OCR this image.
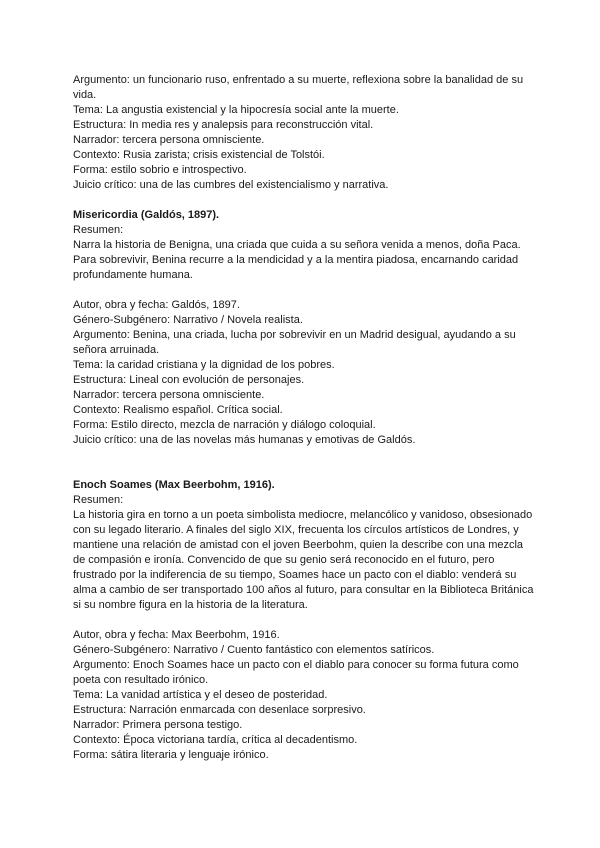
Argumento: un funcionario ruso, enfrentado a su muerte, reflexiona sobre la banalidad de su vida.
Tema: La angustia existencial y la hipocresía social ante la muerte.
Estructura: In media res y analepsis para reconstrucción vital.
Narrador: tercera persona omnisciente.
Contexto: Rusia zarista; crisis existencial de Tolstói.
Forma: estilo sobrio e introspectivo.
Juicio crítico: una de las cumbres del existencialismo y narrativa.
Misericordia (Galdós, 1897).
Resumen:
Narra la historia de Benigna, una criada que cuida a su señora venida a menos, doña Paca. Para sobrevivir, Benina recurre a la mendicidad y a la mentira piadosa, encarnando caridad profundamente humana.
Autor, obra y fecha: Galdós, 1897.
Género-Subgénero: Narrativo / Novela realista.
Argumento: Benina, una criada, lucha por sobrevivir en un Madrid desigual, ayudando a su señora arruinada.
Tema: la caridad cristiana y la dignidad de los pobres.
Estructura: Lineal con evolución de personajes.
Narrador: tercera persona omnisciente.
Contexto: Realismo español. Crítica social.
Forma: Estilo directo, mezcla de narración y diálogo coloquial.
Juicio crítico: una de las novelas más humanas y emotivas de Galdós.
Enoch Soames (Max Beerbohm, 1916).
Resumen:
La historia gira en torno a un poeta simbolista mediocre, melancólico y vanidoso, obsesionado con su legado literario. A finales del siglo XIX, frecuenta los círculos artísticos de Londres, y mantiene una relación de amistad con el joven Beerbohm, quien la describe con una mezcla de compasión e ironía. Convencido de que su genio será reconocido en el futuro, pero frustrado por la indiferencia de su tiempo, Soames hace un pacto con el diablo: venderá su alma a cambio de ser transportado 100 años al futuro, para consultar en la Biblioteca Británica si su nombre figura en la historia de la literatura.
Autor, obra y fecha: Max Beerbohm, 1916.
Género-Subgénero: Narrativo / Cuento fantástico con elementos satíricos.
Argumento: Enoch Soames hace un pacto con el diablo para conocer su forma futura como poeta con resultado irónico.
Tema: La vanidad artística y el deseo de posteridad.
Estructura: Narración enmarcada con desenlace sorpresivo.
Narrador: Primera persona testigo.
Contexto: Época victoriana tardía, crítica al decadentismo.
Forma: sátira literaria y lenguaje irónico.
